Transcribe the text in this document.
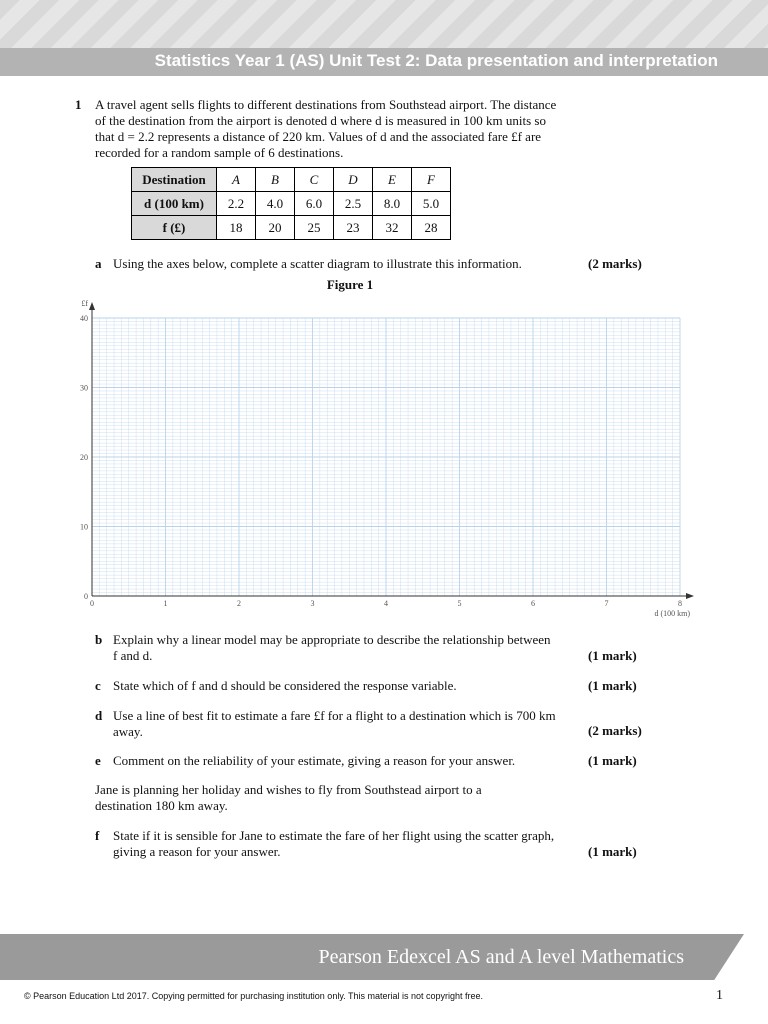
Statistics Year 1 (AS) Unit Test 2: Data presentation and interpretation
1 A travel agent sells flights to different destinations from Southstead airport. The distance of the destination from the airport is denoted d where d is measured in 100 km units so that d = 2.2 represents a distance of 220 km. Values of d and the associated fare £f are recorded for a random sample of 6 destinations.
Destination	A	B	C	D	E	F
d (100 km)	2.2	4.0	6.0	2.5	8.0	5.0
f (£)	18	20	25	23	32	28
a Using the axes below, complete a scatter diagram to illustrate this information.	(2 marks)
Figure 1
0	1	2	3	4	5	6	7	8
0
10
20
30
40
d (100 km)
£f
b Explain why a linear model may be appropriate to describe the relationship between f and d.	(1 mark)
c State which of f and d should be considered the response variable.	(1 mark)
d Use a line of best fit to estimate a fare £f for a flight to a destination which is 700 km away.	(2 marks)
e Comment on the reliability of your estimate, giving a reason for your answer.	(1 mark)
Jane is planning her holiday and wishes to fly from Southstead airport to a destination 180 km away.
f State if it is sensible for Jane to estimate the fare of her flight using the scatter graph, giving a reason for your answer.	(1 mark)
Pearson Edexcel AS and A level Mathematics
© Pearson Education Ltd 2017. Copying permitted for purchasing institution only. This material is not copyright free.	1
